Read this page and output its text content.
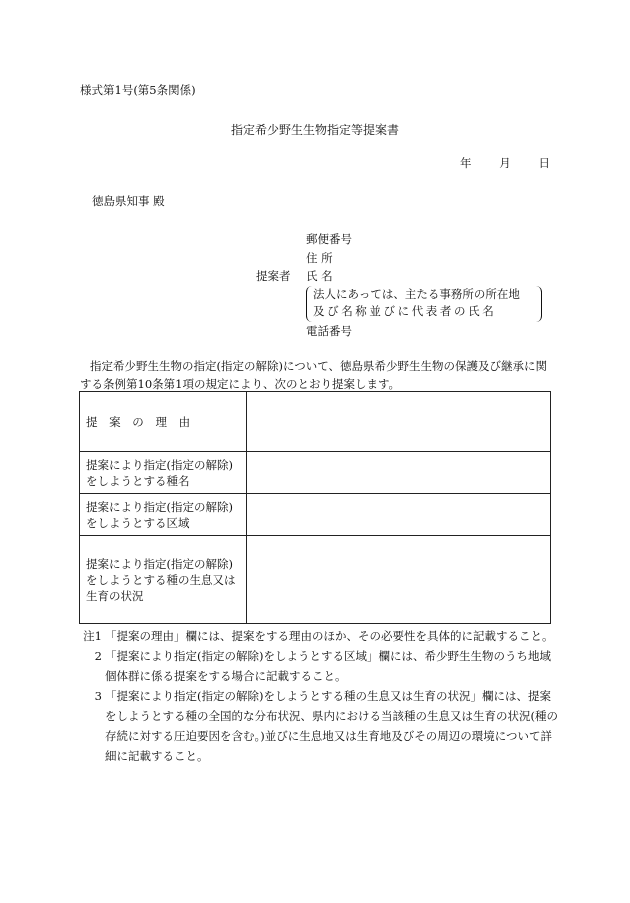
様式第1号(第5条関係)
指定希少野生生物指定等提案書
年 月 日
徳島県知事 殿
郵便番号
住 所
提案者	氏 名
法人にあっては、主たる事務所の所在地
及び名称並びに代表者の氏名
電話番号
指定希少野生生物の指定(指定の解除)について、徳島県希少野生生物の保護及び継承に関する条例第10条第1項の規定により、次のとおり提案します。
提 案 の 理 由	
提案により指定(指定の解除)をしようとする種名	
提案により指定(指定の解除)をしようとする区域	
提案により指定(指定の解除)をしようとする種の生息又は生育の状況	
注1 「提案の理由」欄には、提案をする理由のほか、その必要性を具体的に記載すること。
2 「提案により指定(指定の解除)をしようとする区域」欄には、希少野生生物のうち地域個体群に係る提案をする場合に記載すること。
3 「提案により指定(指定の解除)をしようとする種の生息又は生育の状況」欄には、提案をしようとする種の全国的な分布状況、県内における当該種の生息又は生育の状況(種の存続に対する圧迫要因を含む。)並びに生息地又は生育地及びその周辺の環境について詳細に記載すること。
